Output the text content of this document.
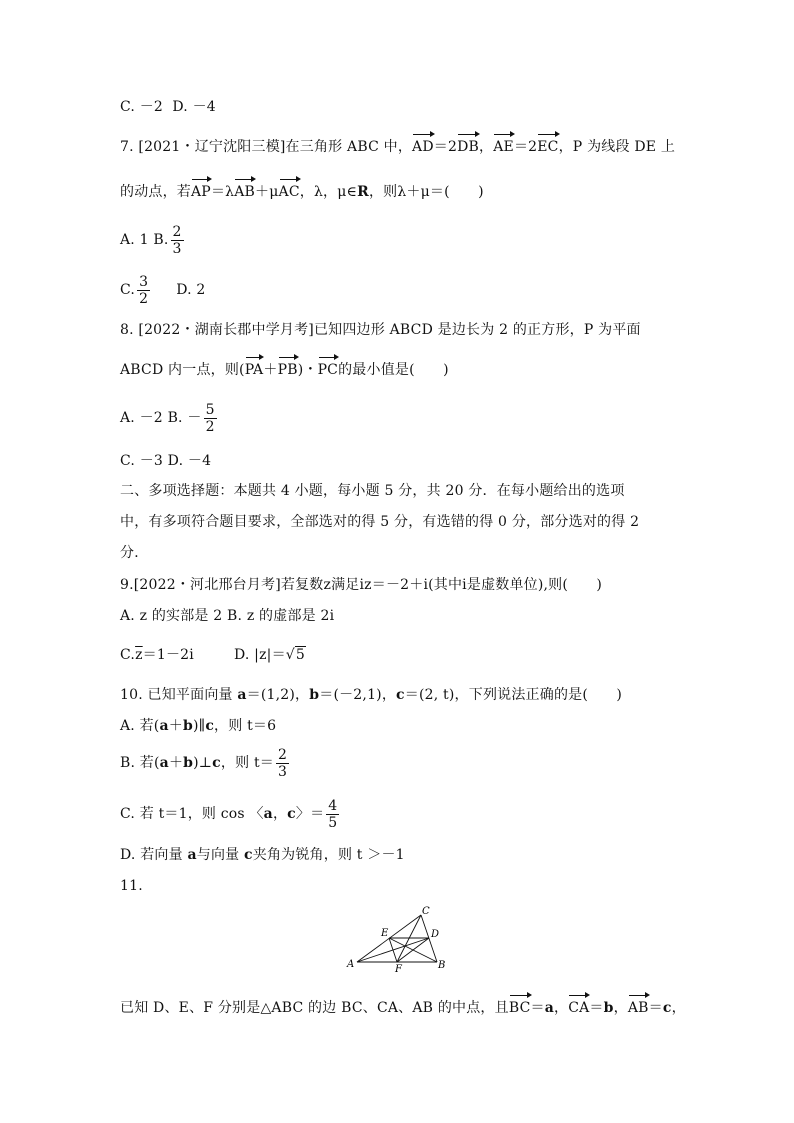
C. －2 D. －4
7. [2021・辽宁沈阳三模]在三角形 ABC 中，AD＝2DB，AE＝2EC，P 为线段 DE 上
的动点，若AP＝λAB＋μAC，λ，μ∈R，则λ＋μ＝(　　)
A. 1 B. $\frac{2}{3}$
C. $\frac{3}{2} D$. 2
8. [2022・湖南长郡中学月考]已知四边形 ABCD 是边长为 2 的正方形，P 为平面
ABCD 内一点，则(PA＋PB)・PC的最小值是(　　)
A. －2 B. － $\frac{5}{2}$
C. －3 D. －4
二、多项选择题：本题共 4 小题，每小题 5 分，共 20 分．在每小题给出的选项
中，有多项符合题目要求，全部选对的得 5 分，有选错的得 0 分，部分选对的得 2
分．
9.[2022・河北邢台月考]若复数z满足iz＝－2＋i(其中i是虚数单位),则(　　)
A. z 的实部是 2 B. z 的虚部是 2i
$C.\overline{z}=1-2i$	D. |z|＝√5
10. 已知平面向量 a＝(1,2)，b＝(－2,1)，c＝(2, t)，下列说法正确的是(　　)
A. 若(a＋b)∥c，则 t＝6
B. 若(a＋b)⊥c，则 $t= \frac{2}{3}$
C. 若 t＝1，则 cos 〈a，c〉＝ $\frac{4}{5}$
D. 若向量 a与向量 c夹角为锐角，则 t ＞－1
11.
A	B
C
D
E
F
已知 D、E、F 分别是△ABC 的边 BC、CA、AB 的中点，且BC＝a，CA＝b，AB＝c，
